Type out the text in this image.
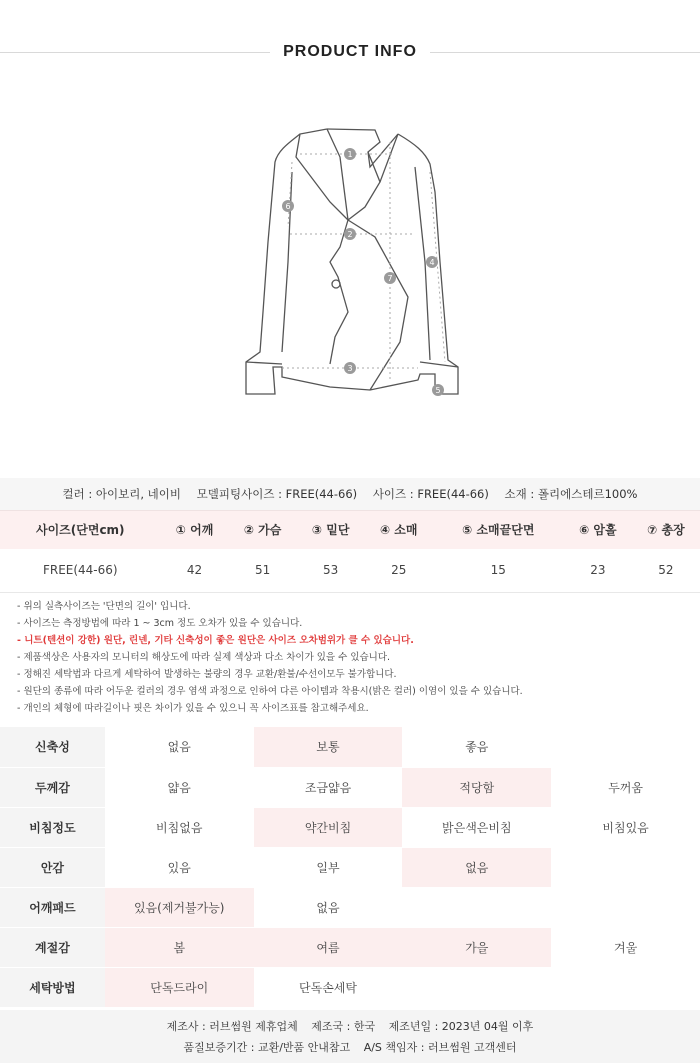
PRODUCT INFO
1
2
3
4
5
6
7
컬러 : 아이보리, 네이비 모델피팅사이즈 : FREE(44-66) 사이즈 : FREE(44-66) 소재 : 폴리에스테르100%
사이즈(단면cm)	① 어깨	② 가슴	③ 밑단	④ 소매	⑤ 소매끝단면	⑥ 암홀	⑦ 총장
FREE(44-66)	42	51	53	25	15	23	52
- 위의 실측사이즈는 '단면의 길이' 입니다.
- 사이즈는 측정방법에 따라 1 ~ 3cm 정도 오차가 있을 수 있습니다.
- 니트(텐션이 강한) 원단, 린넨, 기타 신축성이 좋은 원단은 사이즈 오차범위가 클 수 있습니다.
- 제품색상은 사용자의 모니터의 해상도에 따라 실제 색상과 다소 차이가 있을 수 있습니다.
- 정해진 세탁법과 다르게 세탁하여 발생하는 불량의 경우 교환/환불/수선이모두 불가합니다.
- 원단의 종류에 따라 어두운 컬러의 경우 염색 과정으로 인하여 다른 아이템과 착용시(밝은 컬러) 이염이 있을 수 있습니다.
- 개인의 체형에 따라길이나 핏은 차이가 있을 수 있으니 꼭 사이즈표를 참고해주세요.
신축성	없음	보통	좋음	
두께감	얇음	조금얇음	적당함	두꺼움
비침정도	비침없음	약간비침	밝은색은비침	비침있음
안감	있음	일부	없음	
어깨패드	있음(제거불가능)	없음		
계절감	봄	여름	가을	겨울
세탁방법	단독드라이	단독손세탁		
제조사 : 러브썸원 제휴업체 제조국 : 한국 제조년일 : 2023년 04월 이후
품질보증기간 : 교환/반품 안내참고 A/S 책임자 : 러브썸원 고객센터
